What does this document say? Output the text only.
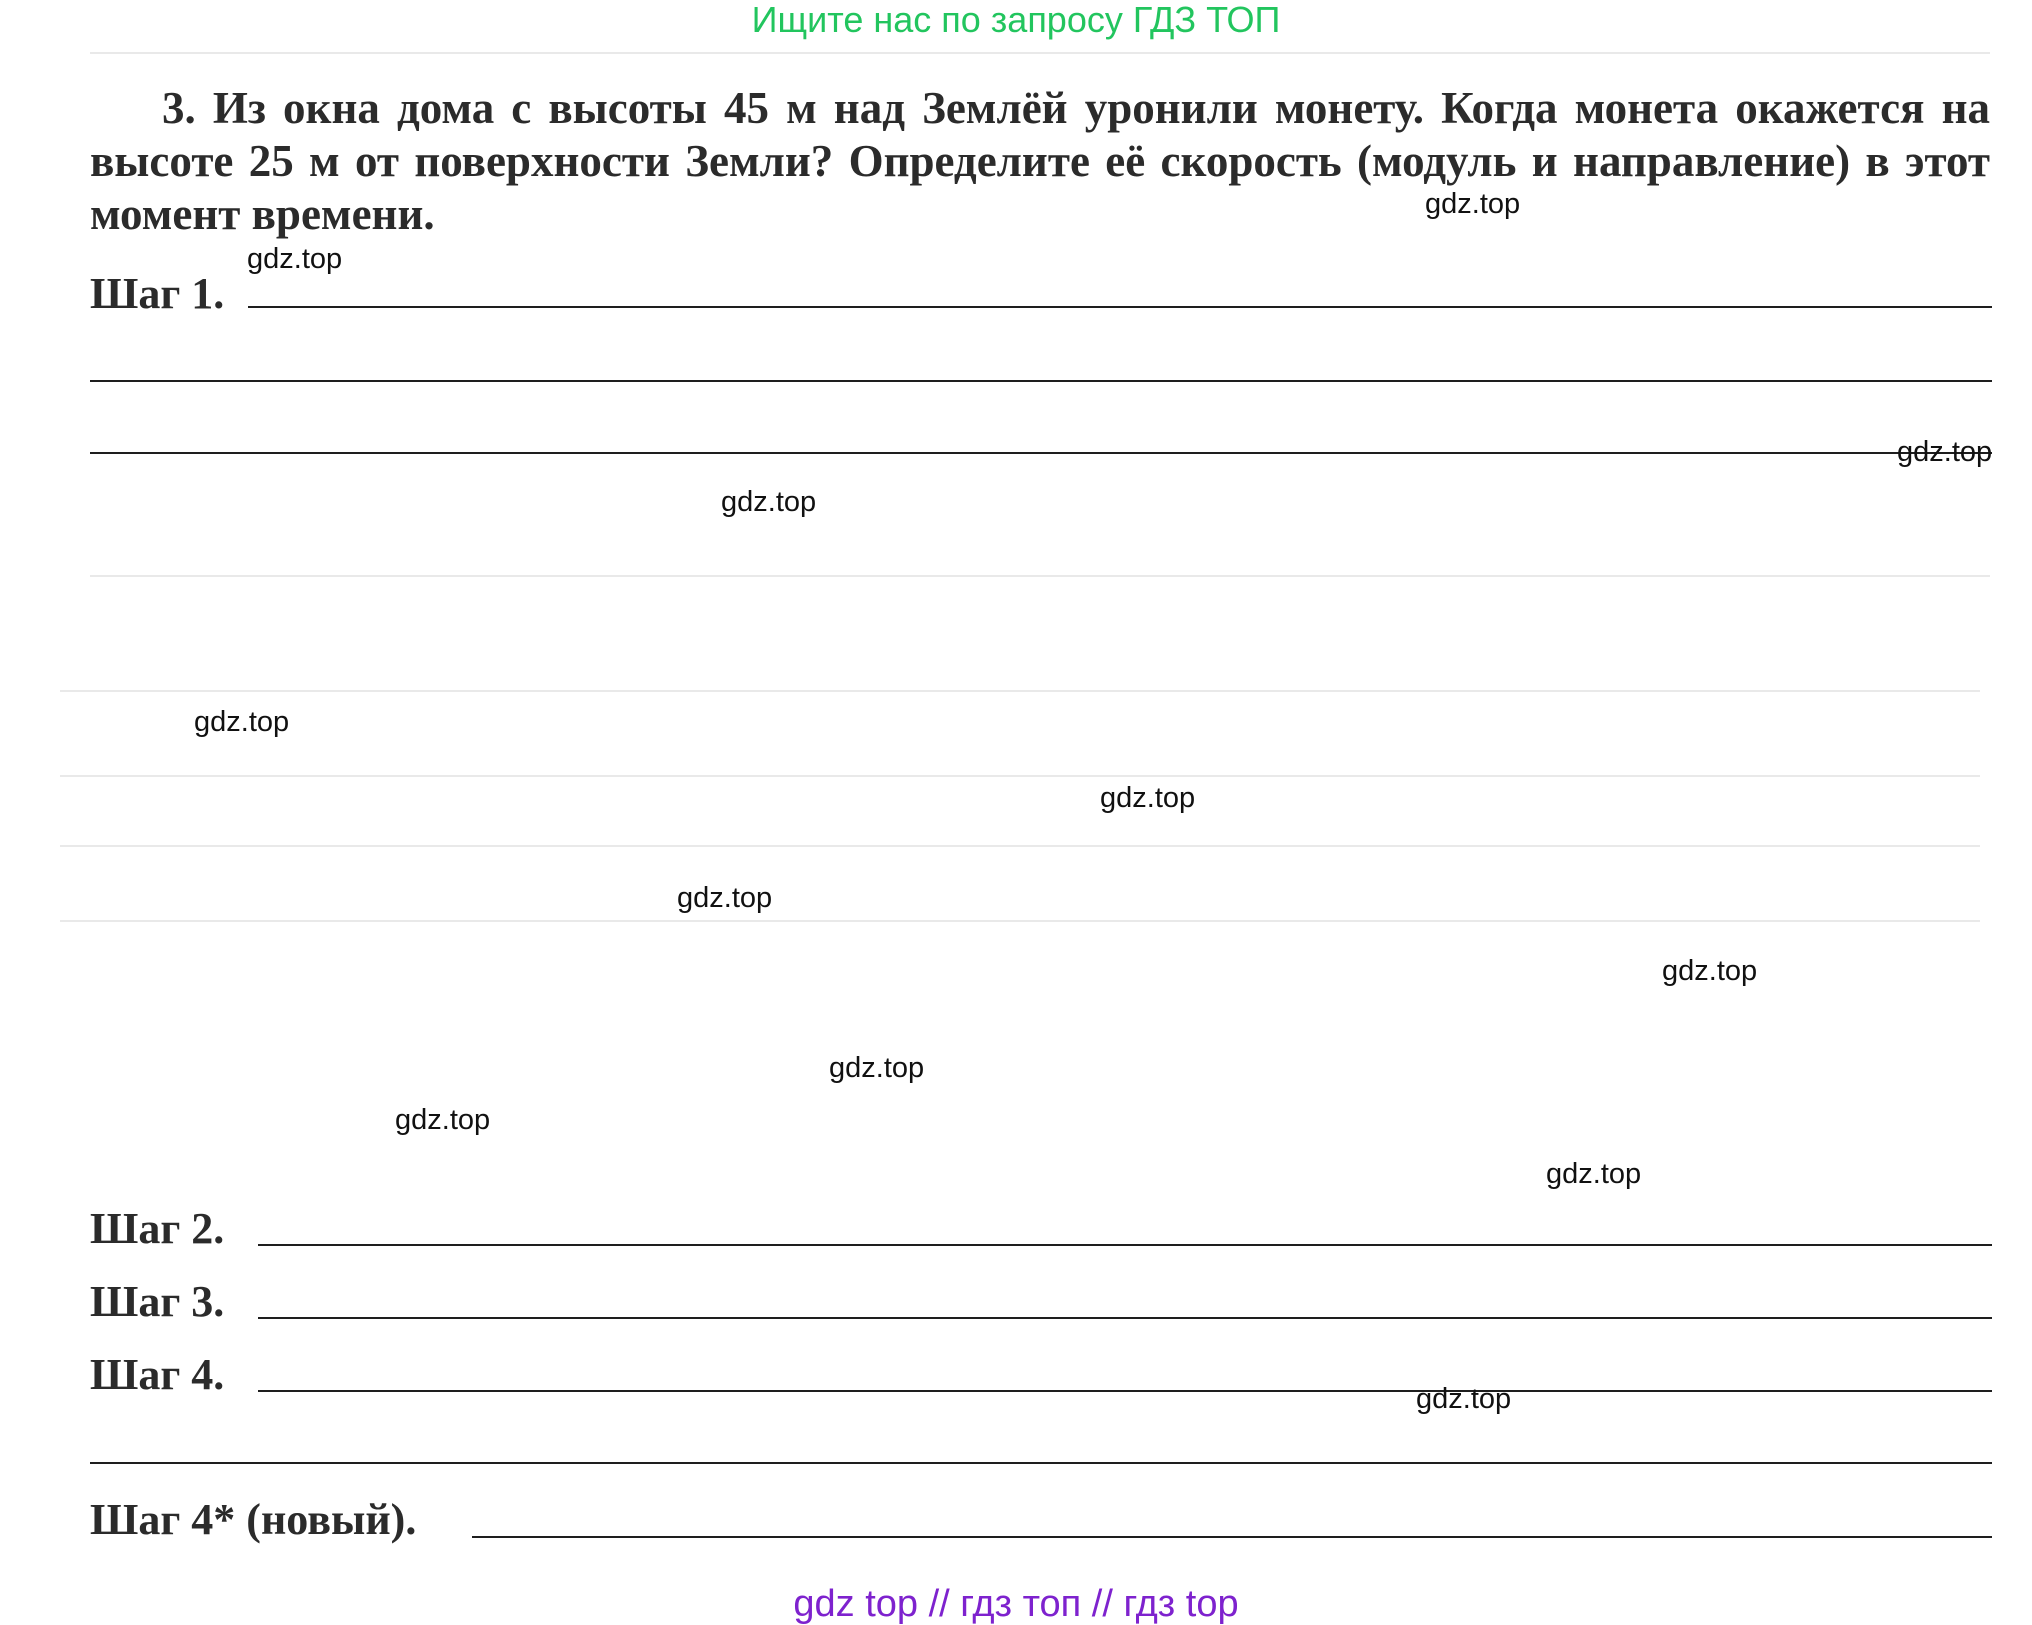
Ищите нас по запросу ГДЗ ТОП
3. Из окна дома с высоты 45 м над Землёй уронили монету. Когда монета окажется на высоте 25 м от поверхности Земли? Определите её скорость (модуль и направление) в этот момент времени.
Шаг 1.
Шаг 2.
Шаг 3.
Шаг 4.
Шаг 4* (новый).
gdz.top
gdz.top
gdz.top
gdz.top
gdz.top
gdz.top
gdz.top
gdz.top
gdz.top
gdz.top
gdz.top
gdz.top
gdz top // гдз топ // гдз top
